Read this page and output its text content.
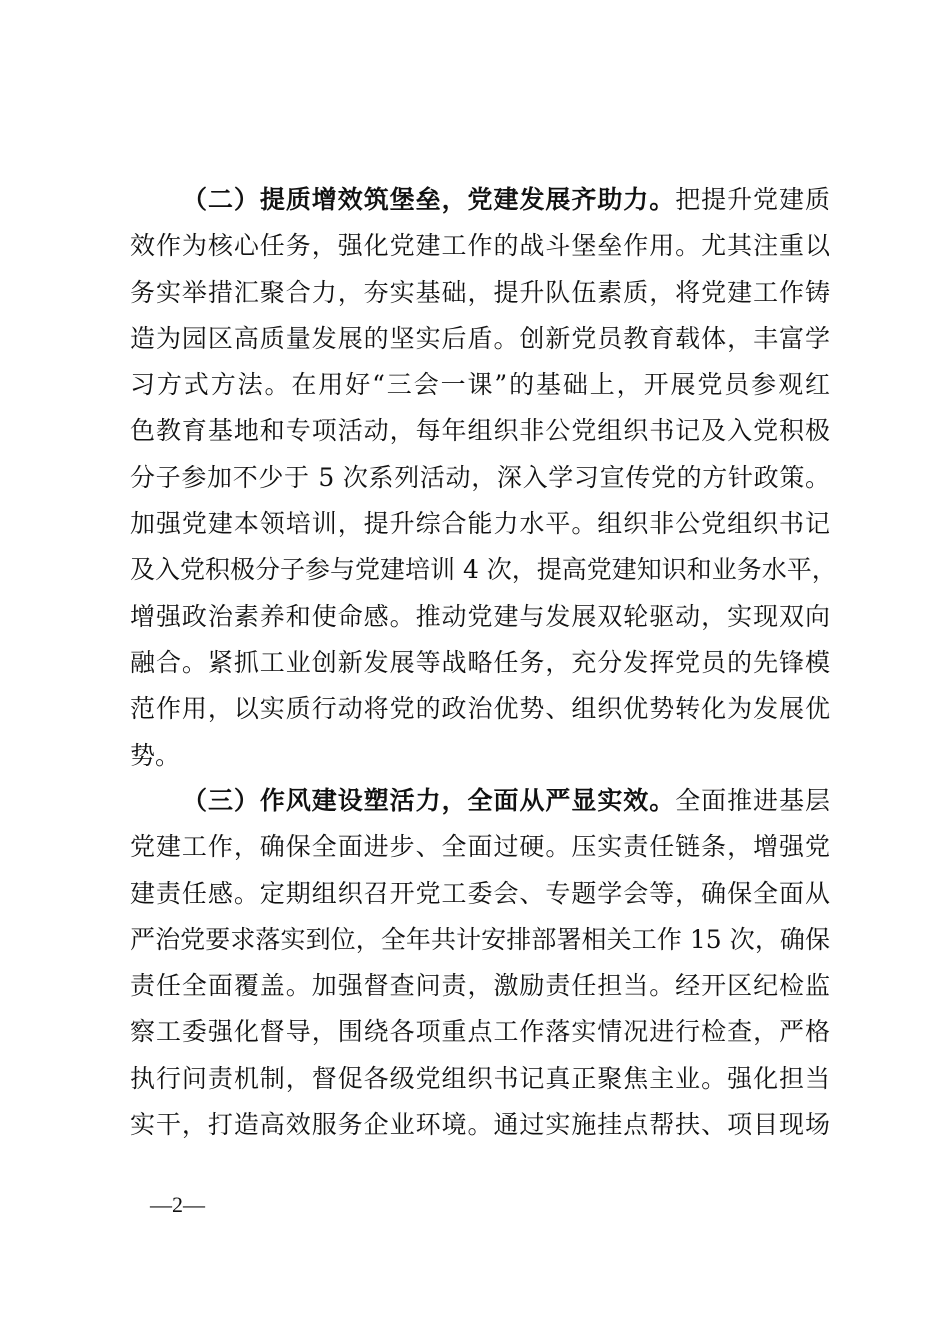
（二）提质增效筑堡垒，党建发展齐助力。把提升党建质
效作为核心任务，强化党建工作的战斗堡垒作用。尤其注重以
务实举措汇聚合力，夯实基础，提升队伍素质，将党建工作铸
造为园区高质量发展的坚实后盾。创新党员教育载体，丰富学
习方式方法。在用好“三会一课”的基础上，开展党员参观红
色教育基地和专项活动，每年组织非公党组织书记及入党积极
分子参加不少于 5 次系列活动，深入学习宣传党的方针政策。
加强党建本领培训，提升综合能力水平。组织非公党组织书记
及入党积极分子参与党建培训 4 次，提高党建知识和业务水平，
增强政治素养和使命感。推动党建与发展双轮驱动，实现双向
融合。紧抓工业创新发展等战略任务，充分发挥党员的先锋模
范作用，以实质行动将党的政治优势、组织优势转化为发展优
势。
（三）作风建设塑活力，全面从严显实效。全面推进基层
党建工作，确保全面进步、全面过硬。压实责任链条，增强党
建责任感。定期组织召开党工委会、专题学会等，确保全面从
严治党要求落实到位，全年共计安排部署相关工作 15 次，确保
责任全面覆盖。加强督查问责，激励责任担当。经开区纪检监
察工委强化督导，围绕各项重点工作落实情况进行检查，严格
执行问责机制，督促各级党组织书记真正聚焦主业。强化担当
实干，打造高效服务企业环境。通过实施挂点帮扶、项目现场
—2—
